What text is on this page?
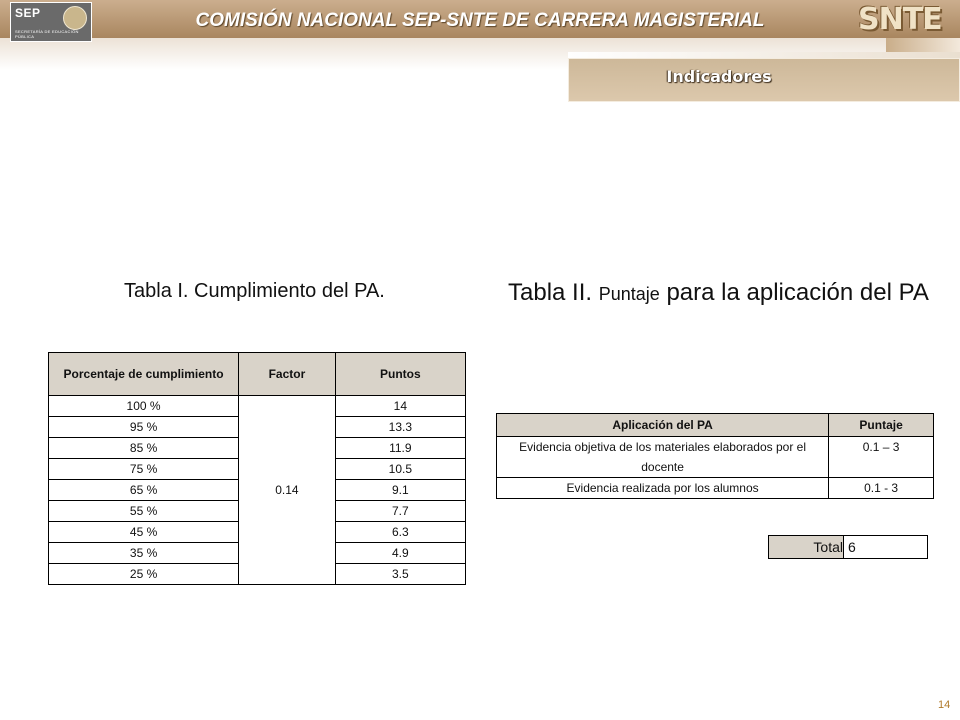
SEP
SECRETARÍA DE EDUCACIÓN PÚBLICA
COMISIÓN NACIONAL SEP-SNTE DE CARRERA MAGISTERIAL	SNTE
Indicadores
Tabla I. Cumplimiento del PA.	Tabla II. Puntaje para la aplicación del PA
Porcentaje de cumplimiento	Factor	Puntos
100 %	0.14	14
95 %		13.3
85 %		11.9
75 %		10.5
65 %		9.1
55 %		7.7
45 %		6.3
35 %		4.9
25 %		3.5
Aplicación del PA	Puntaje
Evidencia objetiva de los materiales elaborados por el docente	0.1 – 3
Evidencia realizada por los alumnos	0.1 - 3
Total	6
14
